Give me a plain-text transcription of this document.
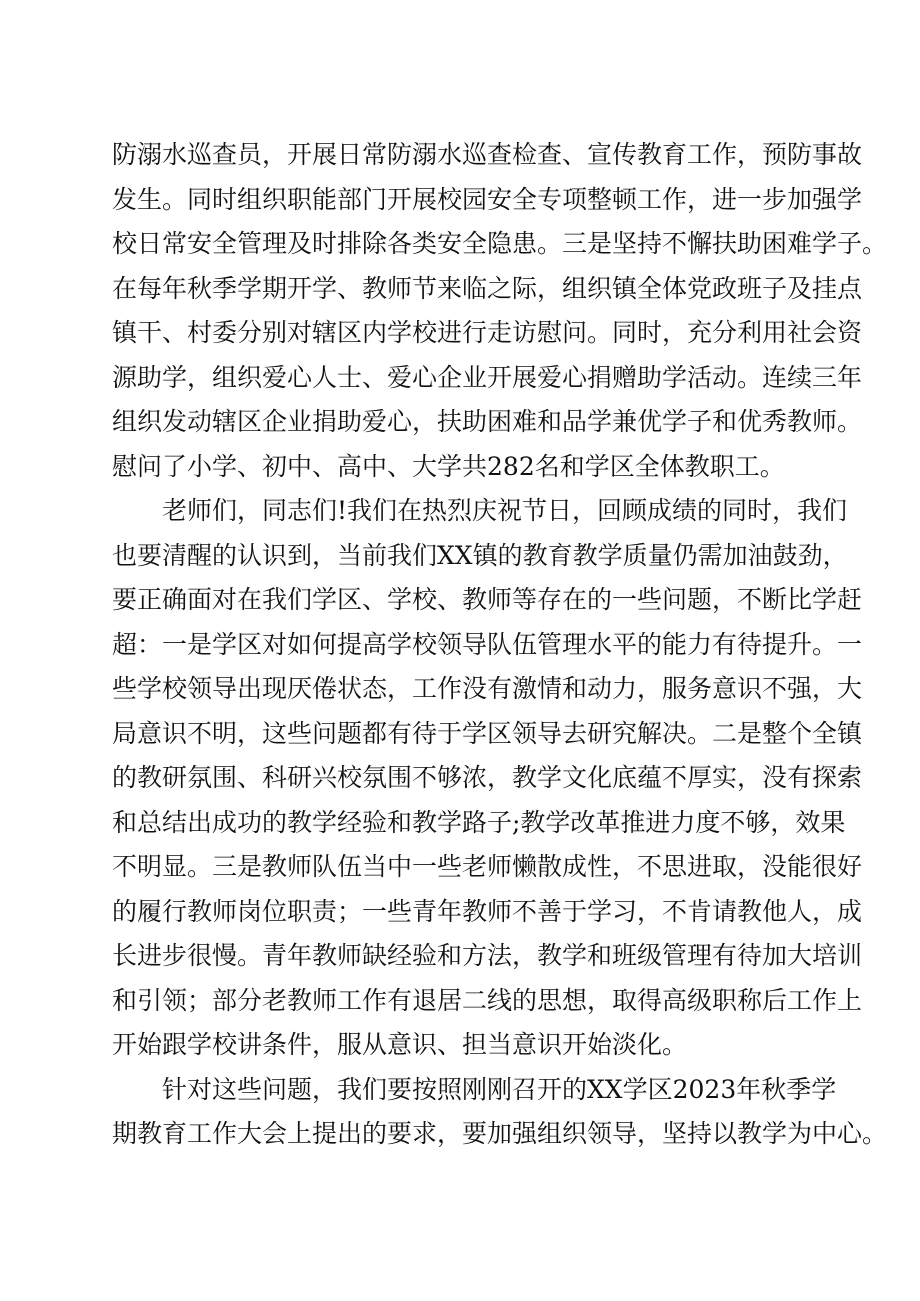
防溺水巡查员，开展日常防溺水巡查检查、宣传教育工作，预防事故
发生。同时组织职能部门开展校园安全专项整顿工作，进一步加强学
校日常安全管理及时排除各类安全隐患。三是坚持不懈扶助困难学子。
在每年秋季学期开学、教师节来临之际，组织镇全体党政班子及挂点
镇干、村委分别对辖区内学校进行走访慰问。同时，充分利用社会资
源助学，组织爱心人士、爱心企业开展爱心捐赠助学活动。连续三年
组织发动辖区企业捐助爱心，扶助困难和品学兼优学子和优秀教师。
慰问了小学、初中、高中、大学共282名和学区全体教职工。
老师们，同志们!我们在热烈庆祝节日，回顾成绩的同时，我们
也要清醒的认识到，当前我们XX镇的教育教学质量仍需加油鼓劲，
要正确面对在我们学区、学校、教师等存在的一些问题，不断比学赶
超：一是学区对如何提高学校领导队伍管理水平的能力有待提升。一
些学校领导出现厌倦状态，工作没有激情和动力，服务意识不强，大
局意识不明，这些问题都有待于学区领导去研究解决。二是整个全镇
的教研氛围、科研兴校氛围不够浓，教学文化底蕴不厚实，没有探索
和总结出成功的教学经验和教学路子;教学改革推进力度不够，效果
不明显。三是教师队伍当中一些老师懒散成性，不思进取，没能很好
的履行教师岗位职责；一些青年教师不善于学习，不肯请教他人，成
长进步很慢。青年教师缺经验和方法，教学和班级管理有待加大培训
和引领；部分老教师工作有退居二线的思想，取得高级职称后工作上
开始跟学校讲条件，服从意识、担当意识开始淡化。
针对这些问题，我们要按照刚刚召开的XX学区2023年秋季学
期教育工作大会上提出的要求，要加强组织领导，坚持以教学为中心。
